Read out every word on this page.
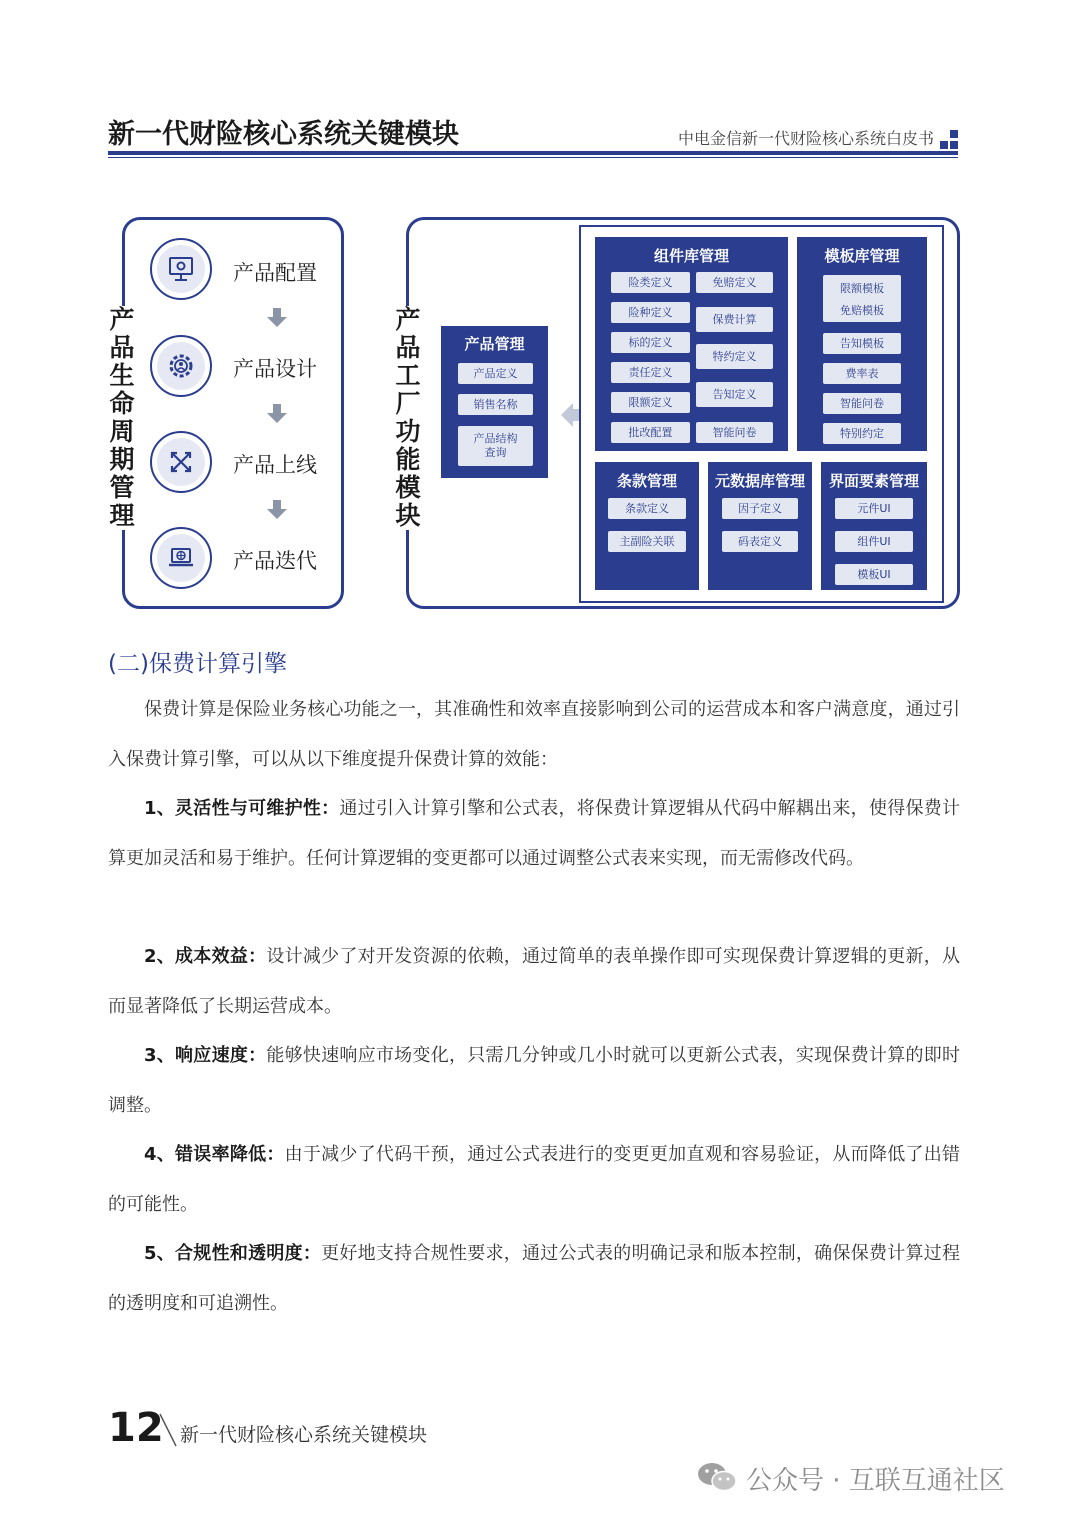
新一代财险核心系统关键模块	中电金信新一代财险核心系统白皮书
产品生命周期管理
产品配置
产品设计
产品上线
产品迭代
产品工厂功能模块
产品管理
产品定义
销售名称
产品结构查询
组件库管理
险类定义
险种定义
标的定义
责任定义
限额定义
批改配置
免赔定义
保费计算
特约定义
告知定义
智能问卷
模板库管理
限额模板
免赔模板
告知模板
费率表
智能问卷
特别约定
条款管理
条款定义
主副险关联
元数据库管理
因子定义
码表定义
界面要素管理
元件UI
组件UI
模板UI
(二)保费计算引擎
保费计算是保险业务核心功能之一，其准确性和效率直接影响到公司的运营成本和客户满意度，通过引入保费计算引擎，可以从以下维度提升保费计算的效能：
1、灵活性与可维护性：通过引入计算引擎和公式表，将保费计算逻辑从代码中解耦出来，使得保费计算更加灵活和易于维护。任何计算逻辑的变更都可以通过调整公式表来实现，而无需修改代码。
2、成本效益：设计减少了对开发资源的依赖，通过简单的表单操作即可实现保费计算逻辑的更新，从而显著降低了长期运营成本。
3、响应速度：能够快速响应市场变化，只需几分钟或几小时就可以更新公式表，实现保费计算的即时调整。
4、错误率降低：由于减少了代码干预，通过公式表进行的变更更加直观和容易验证，从而降低了出错的可能性。
5、合规性和透明度：更好地支持合规性要求，通过公式表的明确记录和版本控制，确保保费计算过程的透明度和可追溯性。
12 新一代财险核心系统关键模块
公众号 · 互联互通社区
